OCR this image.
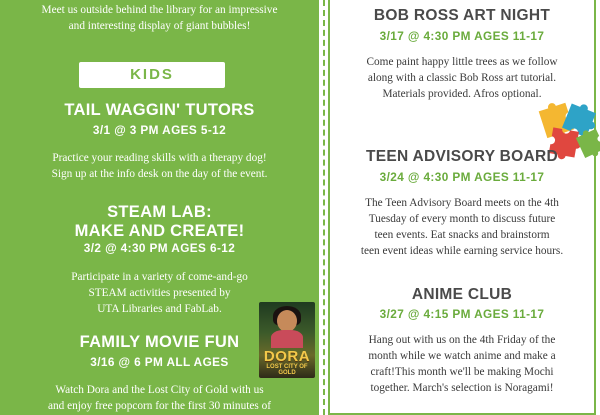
Meet us outside behind the library for an impressive
and interesting display of giant bubbles!
KIDS
TAIL WAGGIN' TUTORS
3/1 @ 3 PM AGES 5-12
Practice your reading skills with a therapy dog!
Sign up at the info desk on the day of the event.
STEAM LAB:
MAKE AND CREATE!
3/2 @ 4:30 PM AGES 6-12
Participate in a variety of come-and-go
STEAM activities presented by
UTA Libraries and FabLab.
FAMILY MOVIE FUN
3/16 @ 6 PM ALL AGES
Watch Dora and the Lost City of Gold with us
and enjoy free popcorn for the first 30 minutes of
DORA
LOST CITY OF GOLD
BOB ROSS ART NIGHT
3/17 @ 4:30 PM AGES 11-17
Come paint happy little trees as we follow
along with a classic Bob Ross art tutorial.
Materials provided. Afros optional.
TEEN ADVISORY BOARD
3/24 @ 4:30 PM AGES 11-17
The Teen Advisory Board meets on the 4th
Tuesday of every month to discuss future
teen events. Eat snacks and brainstorm
teen event ideas while earning service hours.
ANIME CLUB
3/27 @ 4:15 PM AGES 11-17
Hang out with us on the 4th Friday of the
month while we watch anime and make a
craft!This month we'll be making Mochi
together. March's selection is Noragami!
